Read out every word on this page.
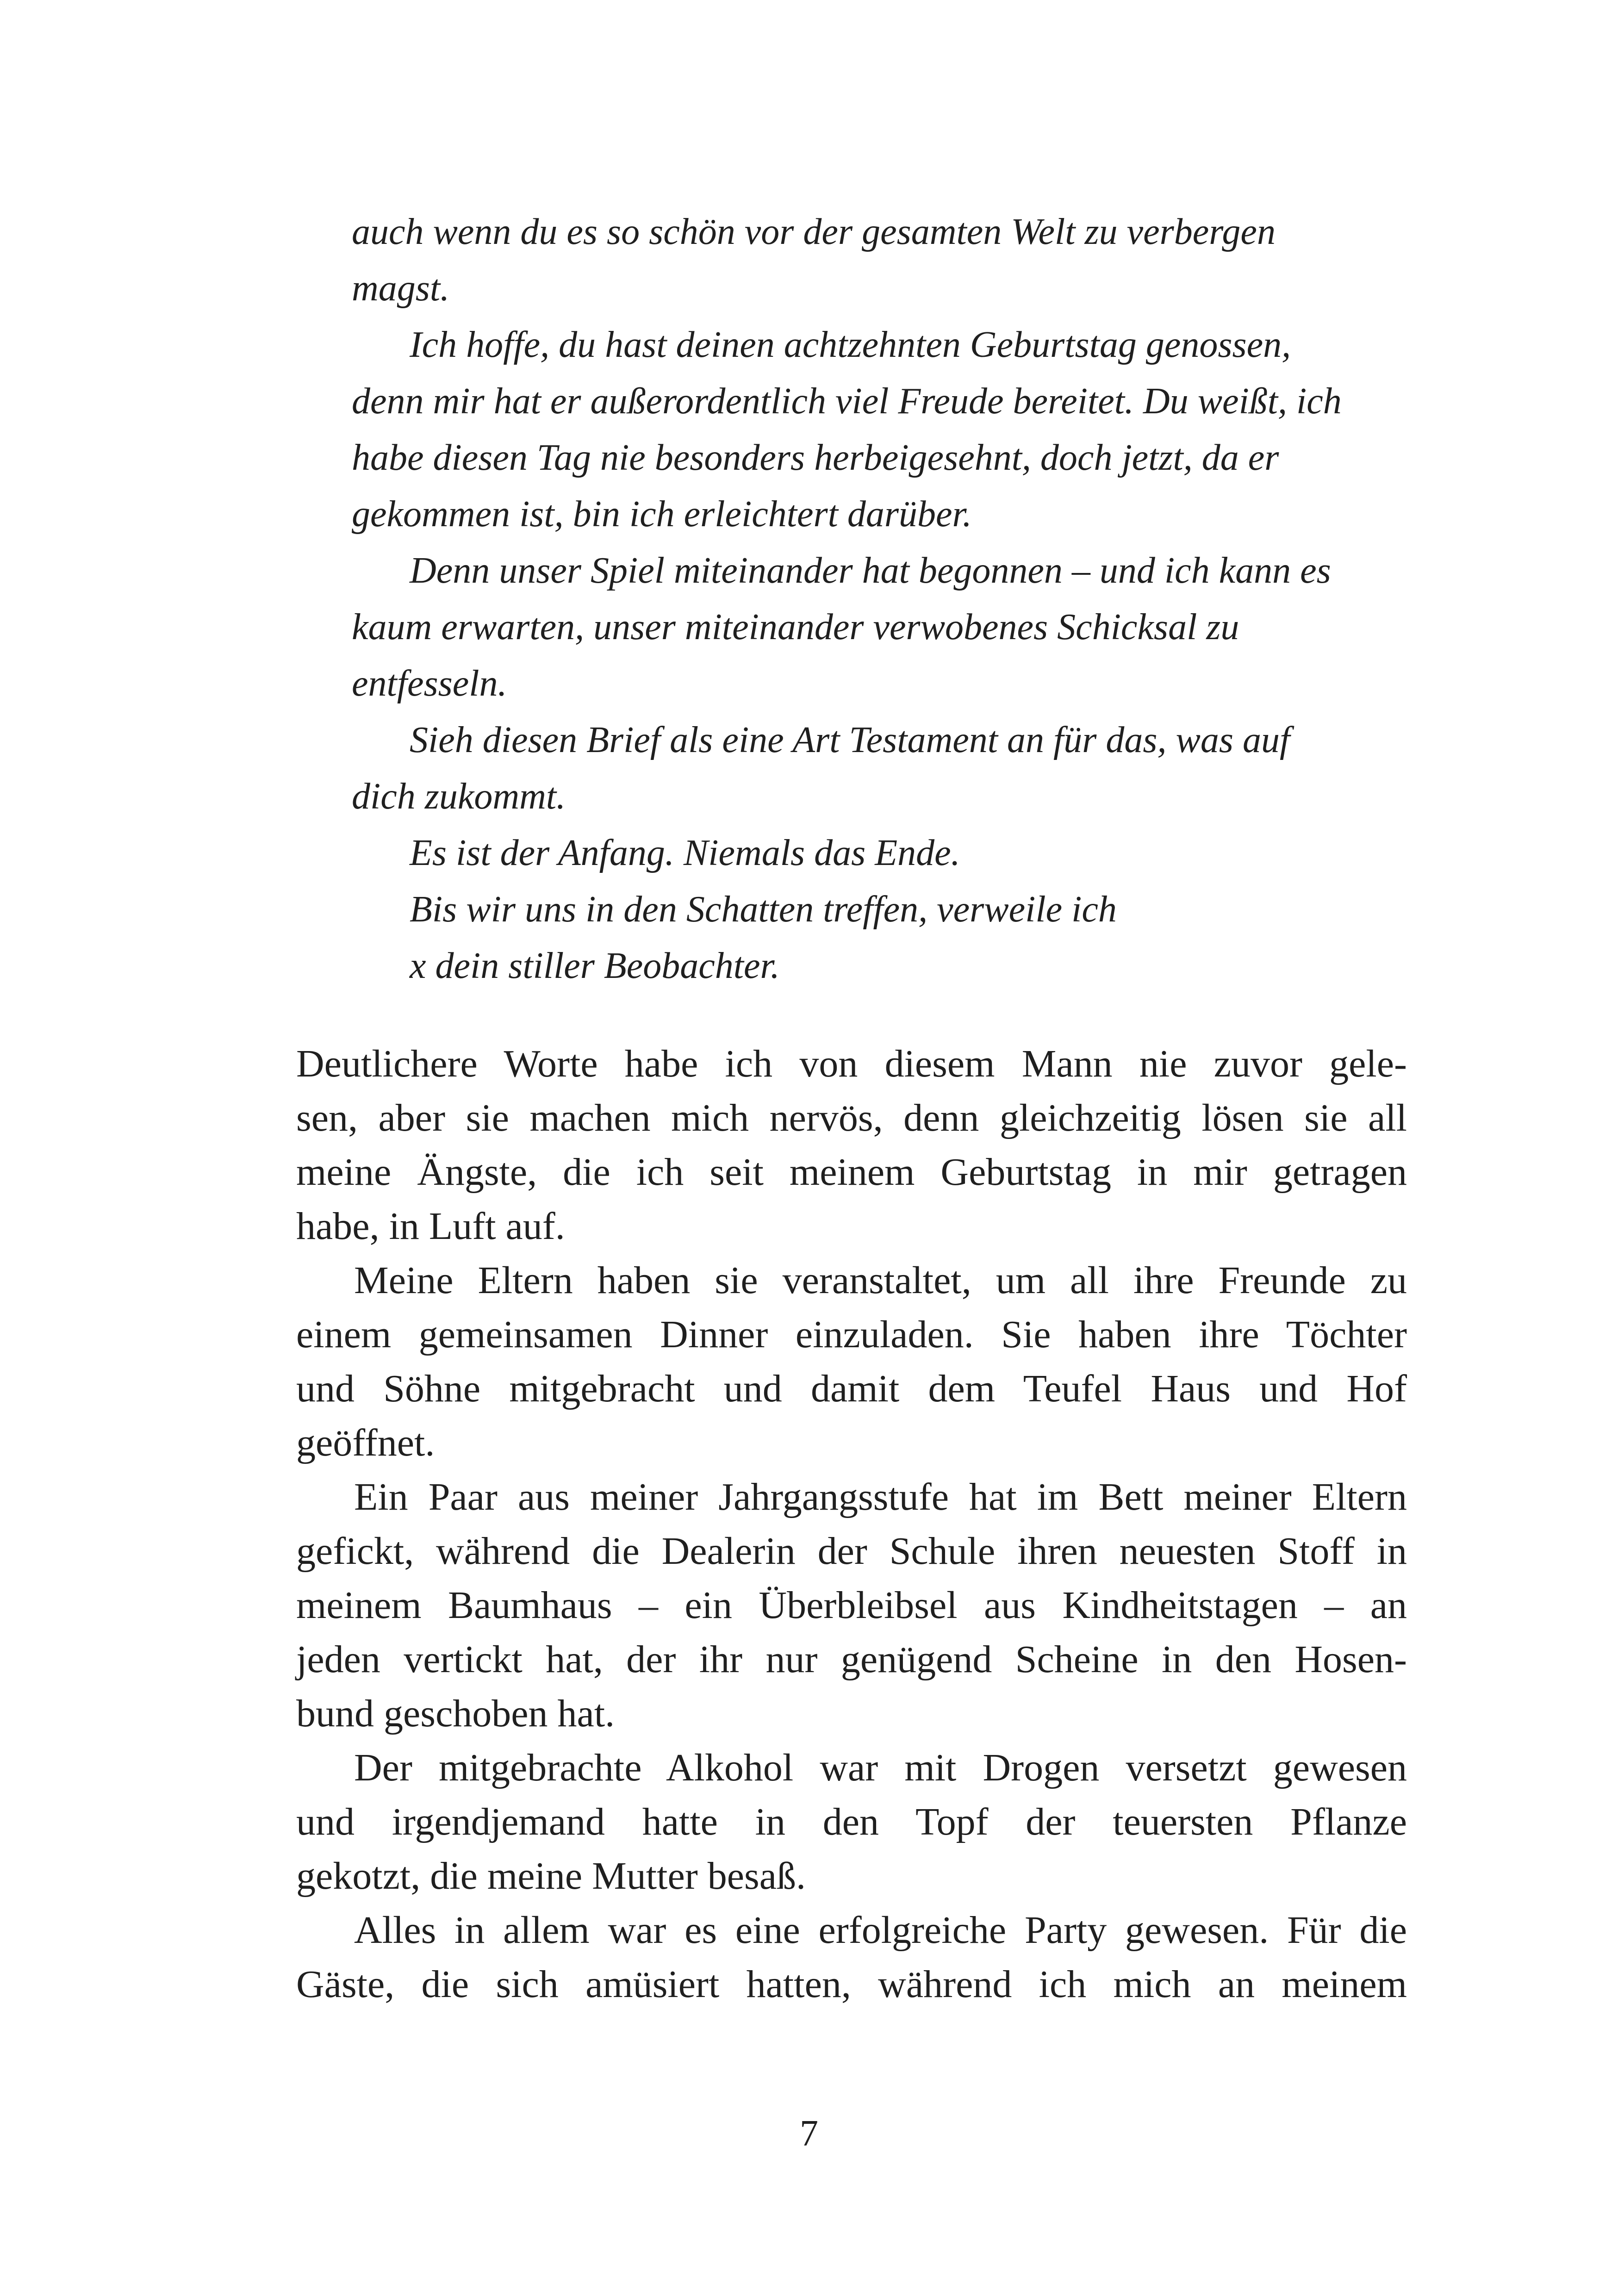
auch wenn du es so schön vor der gesamten Welt zu verbergen
magst.
Ich hoffe, du hast deinen achtzehnten Geburtstag genossen,
denn mir hat er außerordentlich viel Freude bereitet. Du weißt, ich
habe diesen Tag nie besonders herbeigesehnt, doch jetzt, da er
gekommen ist, bin ich erleichtert darüber.
Denn unser Spiel miteinander hat begonnen – und ich kann es
kaum erwarten, unser miteinander verwobenes Schicksal zu
entfesseln.
Sieh diesen Brief als eine Art Testament an für das, was auf
dich zukommt.
Es ist der Anfang. Niemals das Ende.
Bis wir uns in den Schatten treffen, verweile ich
x dein stiller Beobachter.
Deutlichere Worte habe ich von diesem Mann nie zuvor gele-
sen, aber sie machen mich nervös, denn gleichzeitig lösen sie all
meine Ängste, die ich seit meinem Geburtstag in mir getragen
habe, in Luft auf.
Meine Eltern haben sie veranstaltet, um all ihre Freunde zu
einem gemeinsamen Dinner einzuladen. Sie haben ihre Töchter
und Söhne mitgebracht und damit dem Teufel Haus und Hof
geöffnet.
Ein Paar aus meiner Jahrgangsstufe hat im Bett meiner Eltern
gefickt, während die Dealerin der Schule ihren neuesten Stoff in
meinem Baumhaus – ein Überbleibsel aus Kindheitstagen – an
jeden vertickt hat, der ihr nur genügend Scheine in den Hosen-
bund geschoben hat.
Der mitgebrachte Alkohol war mit Drogen versetzt gewesen
und irgendjemand hatte in den Topf der teuersten Pflanze
gekotzt, die meine Mutter besaß.
Alles in allem war es eine erfolgreiche Party gewesen. Für die
Gäste, die sich amüsiert hatten, während ich mich an meinem
7
